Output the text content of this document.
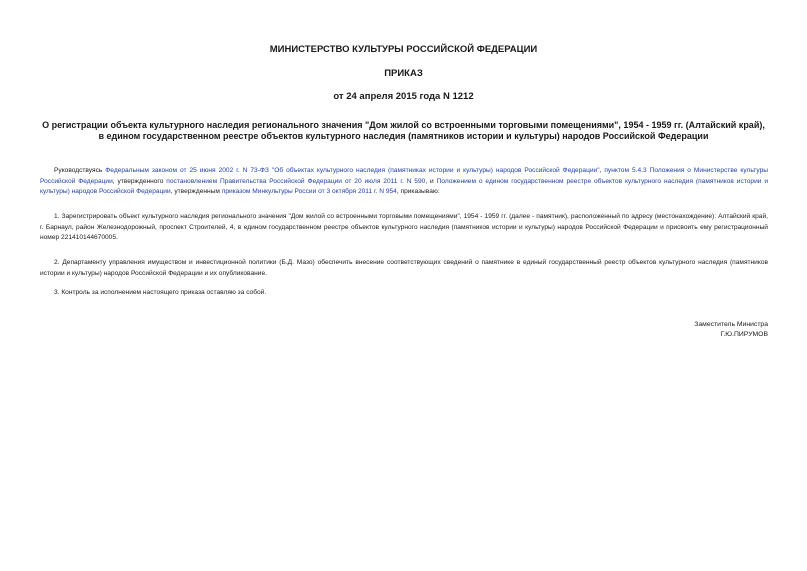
МИНИСТЕРСТВО КУЛЬТУРЫ РОССИЙСКОЙ ФЕДЕРАЦИИ
ПРИКАЗ
от 24 апреля 2015 года N 1212
О регистрации объекта культурного наследия регионального значения "Дом жилой со встроенными торговыми помещениями", 1954 - 1959 гг. (Алтайский край), в едином государственном реестре объектов культурного наследия (памятников истории и культуры) народов Российской Федерации

Руководствуясь Федеральным законом от 25 июня 2002 г. N 73-ФЗ "Об объектах культурного наследия (памятниках истории и культуры) народов Российской Федерации", пунктом 5.4.3 Положения о Министерстве культуры Российской Федерации, утвержденного постановлением Правительства Российской Федерации от 20 июля 2011 г. N 590, и Положением о едином государственном реестре объектов культурного наследия (памятников истории и культуры) народов Российской Федерации, утвержденным приказом Минкультуры России от 3 октября 2011 г. N 954, приказываю:

1. Зарегистрировать объект культурного наследия регионального значения "Дом жилой со встроенными торговыми помещениями", 1954 - 1959 гг. (далее - памятник), расположенный по адресу (местонахождение): Алтайский край, г. Барнаул, район Железнодорожный, проспект Строителей, 4, в едином государственном реестре объектов культурного наследия (памятников истории и культуры) народов Российской Федерации и присвоить ему регистрационный номер 221410144670005.

2. Департаменту управления имуществом и инвестиционной политики (Б.Д. Мазо) обеспечить внесение соответствующих сведений о памятнике в единый государственный реестр объектов культурного наследия (памятников истории и культуры) народов Российской Федерации и их опубликование.

3. Контроль за исполнением настоящего приказа оставляю за собой.

Заместитель Министра
Г.Ю.ПИРУМОВ
